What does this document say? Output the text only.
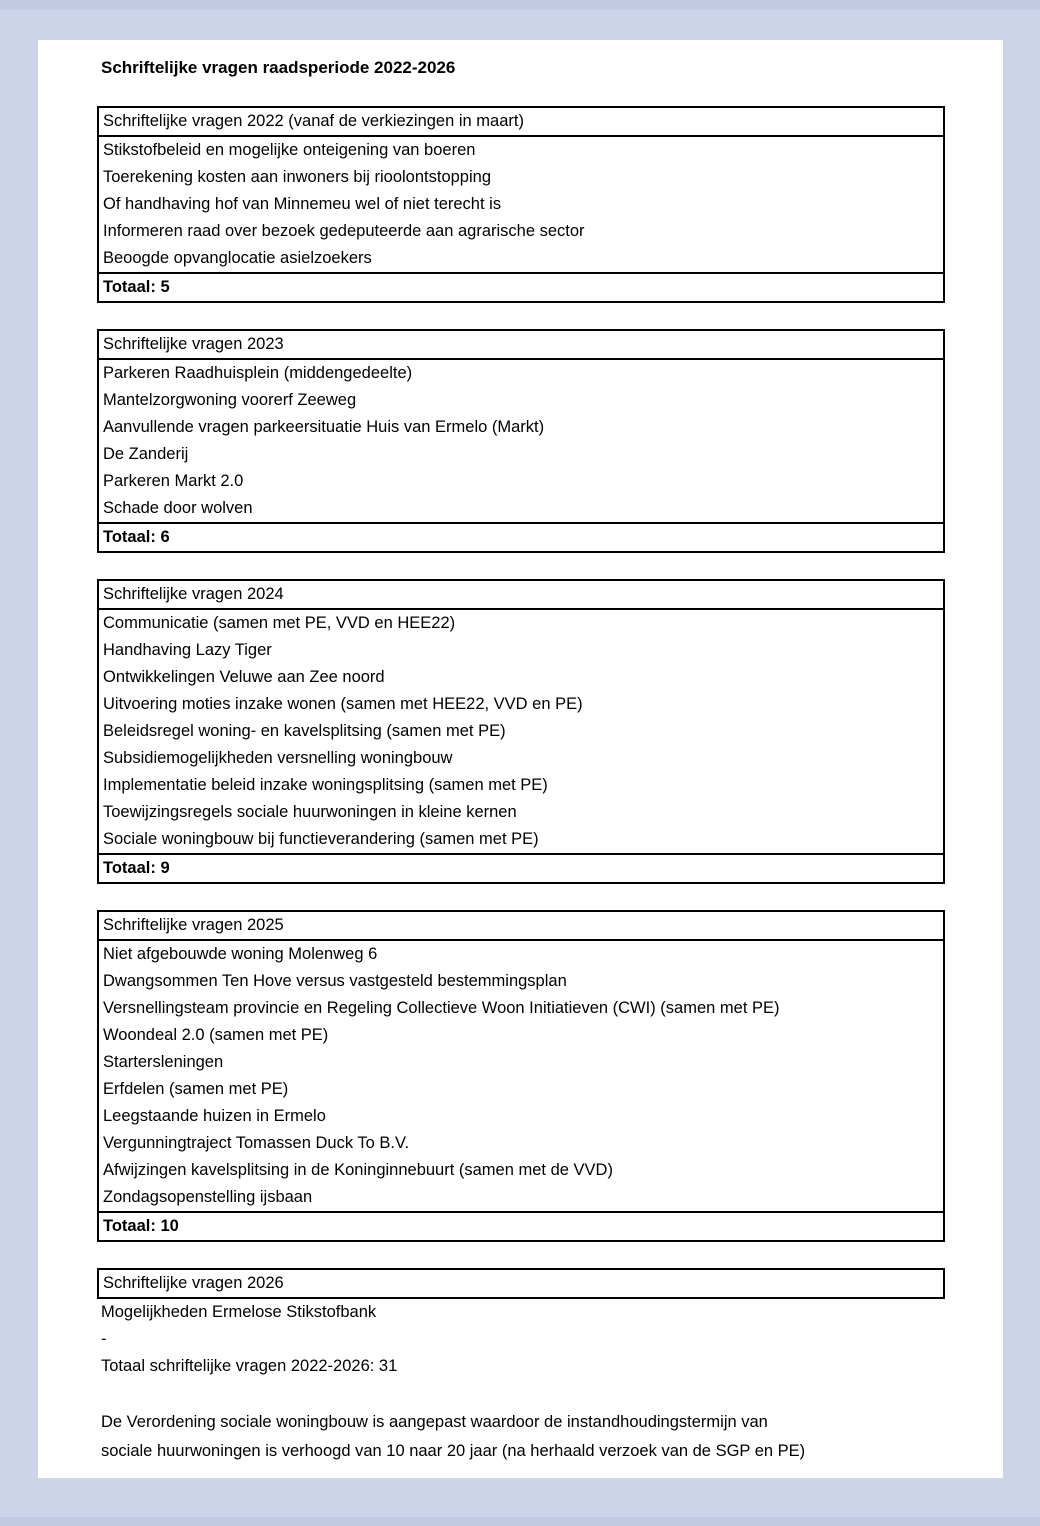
Schriftelijke vragen raadsperiode 2022-2026
Schriftelijke vragen 2022 (vanaf de verkiezingen in maart)
Stikstofbeleid en mogelijke onteigening van boeren
Toerekening kosten aan inwoners bij rioolontstopping
Of handhaving hof van Minnemeu wel of niet terecht is
Informeren raad over bezoek gedeputeerde aan agrarische sector
Beoogde opvanglocatie asielzoekers
Totaal: 5
Schriftelijke vragen 2023
Parkeren Raadhuisplein (middengedeelte)
Mantelzorgwoning voorerf Zeeweg
Aanvullende vragen parkeersituatie Huis van Ermelo (Markt)
De Zanderij
Parkeren Markt 2.0
Schade door wolven
Totaal: 6
Schriftelijke vragen 2024
Communicatie (samen met PE, VVD en HEE22)
Handhaving Lazy Tiger
Ontwikkelingen Veluwe aan Zee noord
Uitvoering moties inzake wonen (samen met HEE22, VVD en PE)
Beleidsregel woning- en kavelsplitsing (samen met PE)
Subsidiemogelijkheden versnelling woningbouw
Implementatie beleid inzake woningsplitsing (samen met PE)
Toewijzingsregels sociale huurwoningen in kleine kernen
Sociale woningbouw bij functieverandering (samen met PE)
Totaal: 9
Schriftelijke vragen 2025
Niet afgebouwde woning Molenweg 6
Dwangsommen Ten Hove versus vastgesteld bestemmingsplan
Versnellingsteam provincie en Regeling Collectieve Woon Initiatieven (CWI) (samen met PE)
Woondeal 2.0 (samen met PE)
Startersleningen
Erfdelen (samen met PE)
Leegstaande huizen in Ermelo
Vergunningtraject Tomassen Duck To B.V.
Afwijzingen kavelsplitsing in de Koninginnebuurt (samen met de VVD)
Zondagsopenstelling ijsbaan
Totaal: 10
Schriftelijke vragen 2026
Mogelijkheden Ermelose Stikstofbank
-
Totaal schriftelijke vragen 2022-2026: 31
De Verordening sociale woningbouw is aangepast waardoor de instandhoudingstermijn van
sociale huurwoningen is verhoogd van 10 naar 20 jaar (na herhaald verzoek van de SGP en PE)
